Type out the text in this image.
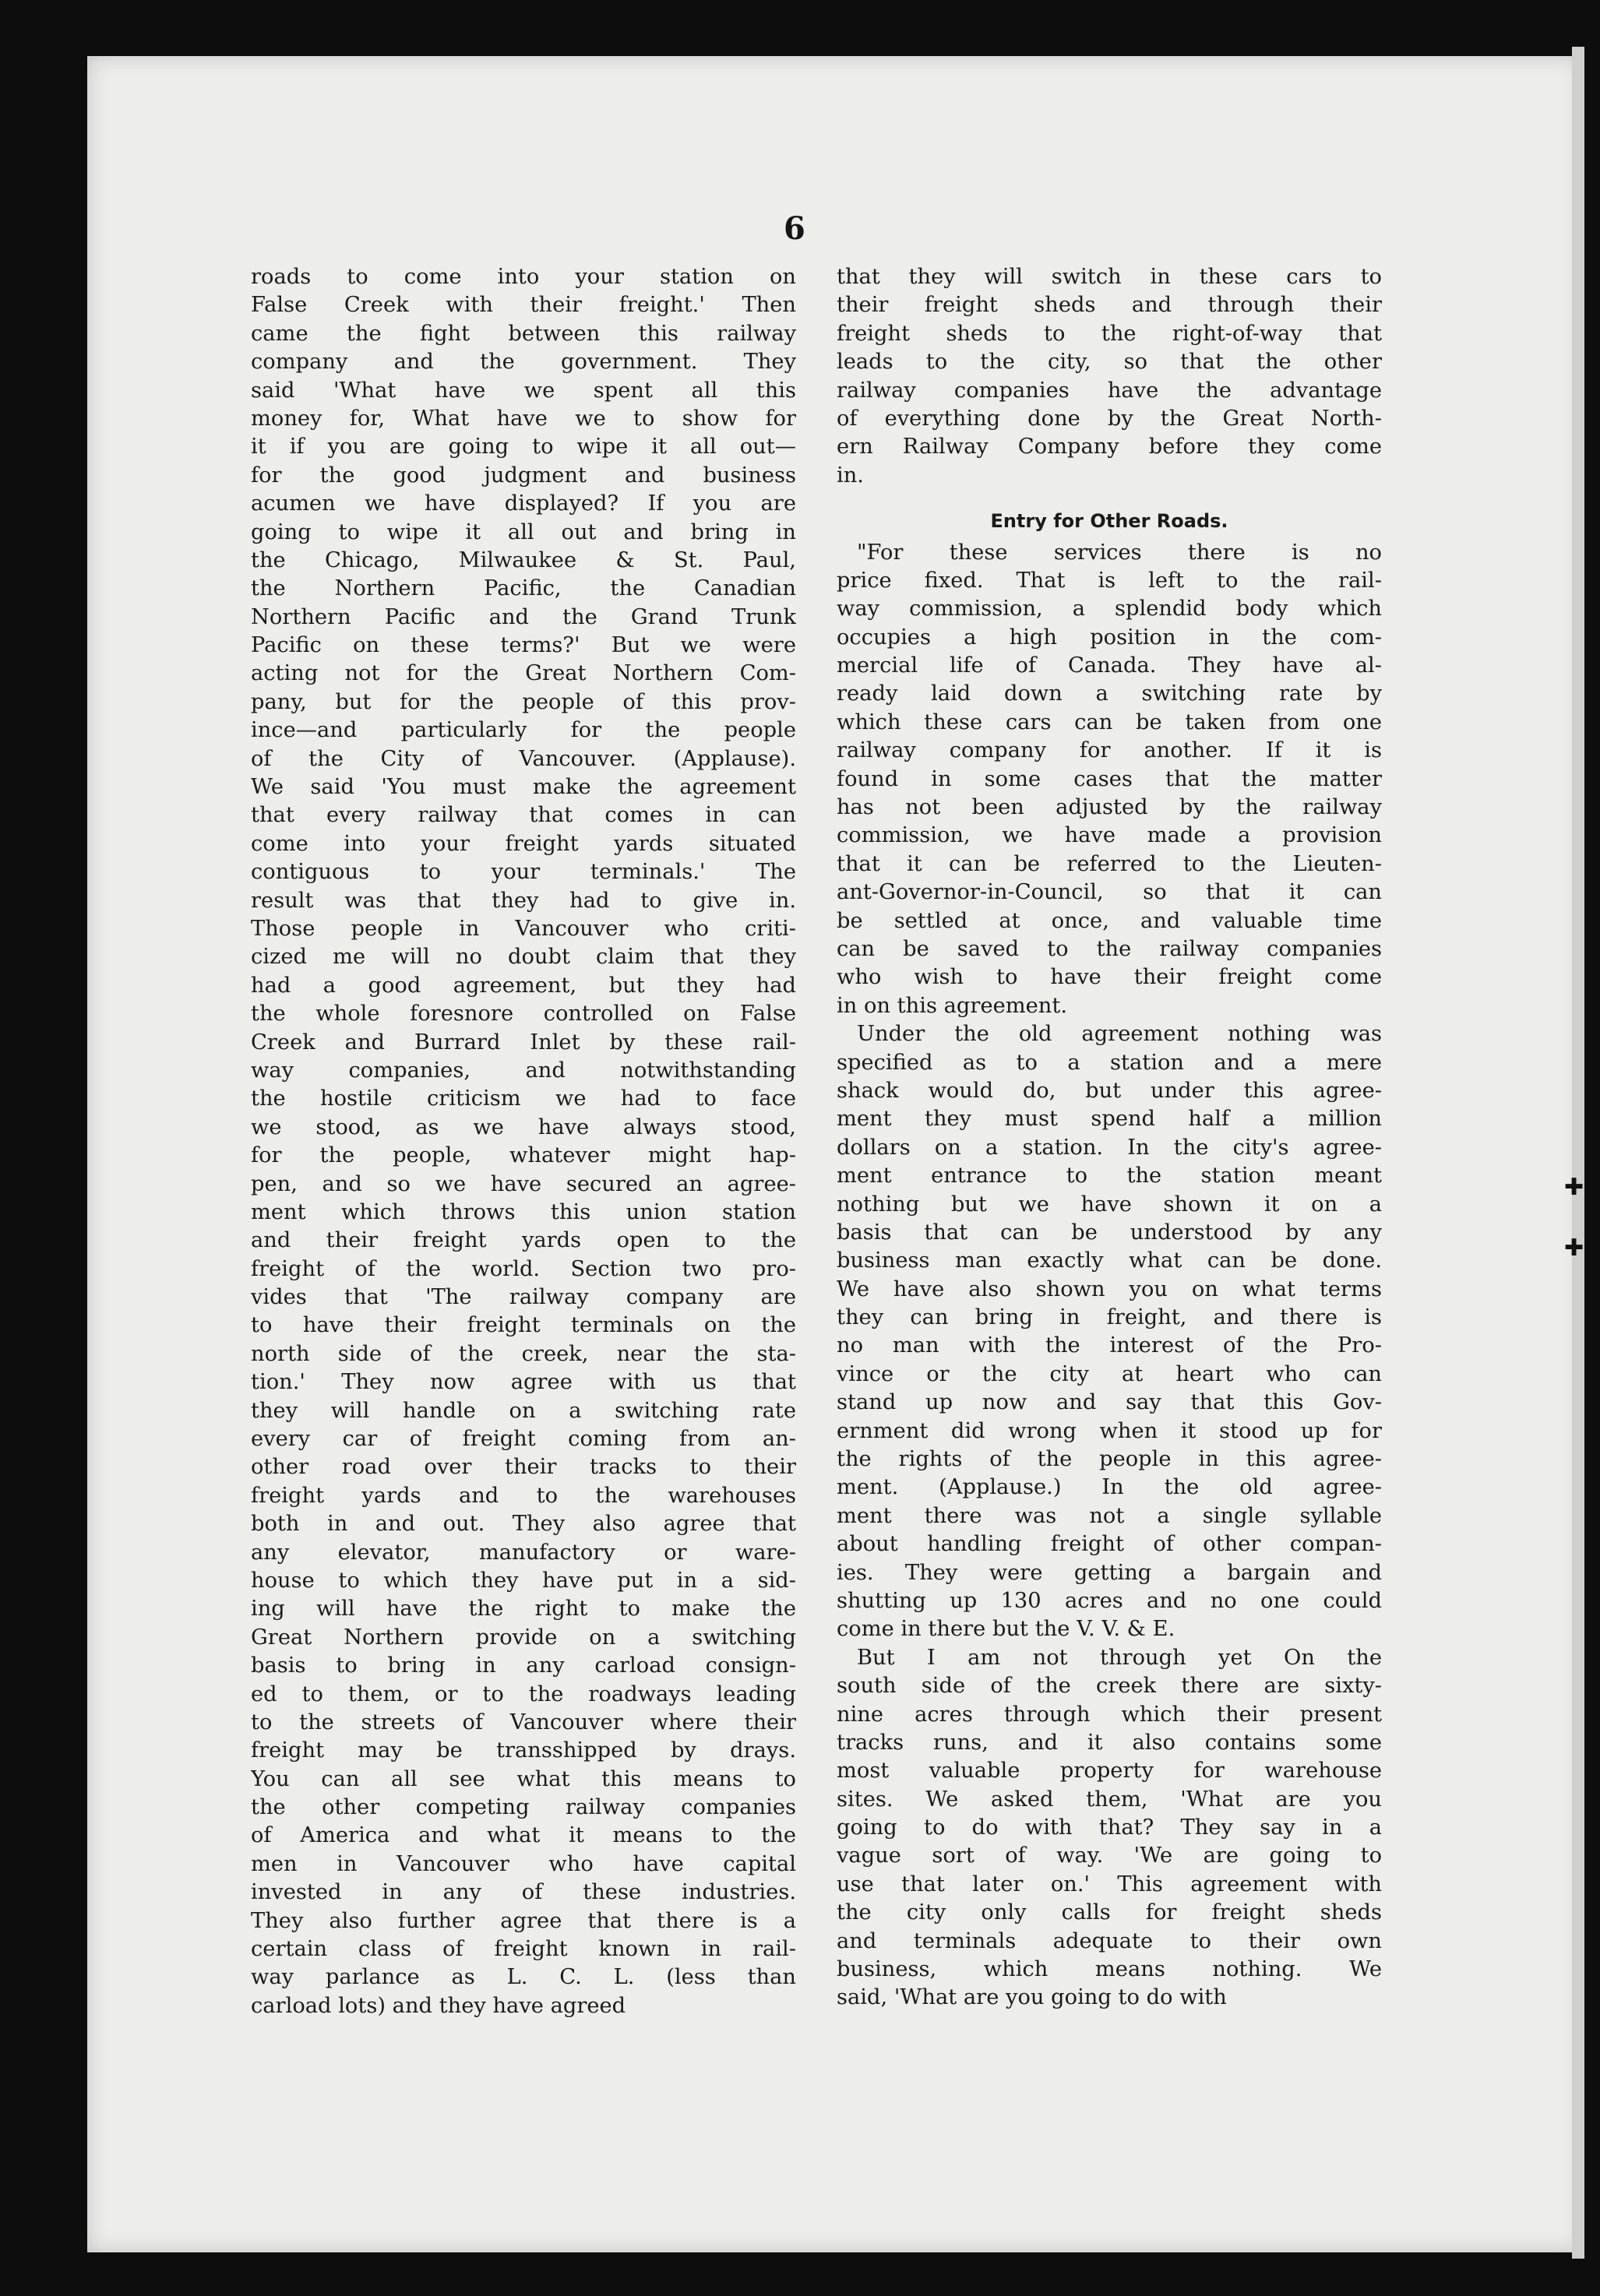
✚
✚
6
roads to come into your station on
False Creek with their freight.' Then
came the fight between this railway
company and the government. They
said 'What have we spent all this
money for, What have we to show for
it if you are going to wipe it all out—
for the good judgment and business
acumen we have displayed? If you are
going to wipe it all out and bring in
the Chicago, Milwaukee & St. Paul,
the Northern Pacific, the Canadian
Northern Pacific and the Grand Trunk
Pacific on these terms?' But we were
acting not for the Great Northern Com-
pany, but for the people of this prov-
ince—and particularly for the people
of the City of Vancouver. (Applause).
We said 'You must make the agreement
that every railway that comes in can
come into your freight yards situated
contiguous to your terminals.' The
result was that they had to give in.
Those people in Vancouver who criti-
cized me will no doubt claim that they
had a good agreement, but they had
the whole foresnore controlled on False
Creek and Burrard Inlet by these rail-
way companies, and notwithstanding
the hostile criticism we had to face
we stood, as we have always stood,
for the people, whatever might hap-
pen, and so we have secured an agree-
ment which throws this union station
and their freight yards open to the
freight of the world. Section two pro-
vides that 'The railway company are
to have their freight terminals on the
north side of the creek, near the sta-
tion.' They now agree with us that
they will handle on a switching rate
every car of freight coming from an-
other road over their tracks to their
freight yards and to the warehouses
both in and out. They also agree that
any elevator, manufactory or ware-
house to which they have put in a sid-
ing will have the right to make the
Great Northern provide on a switching
basis to bring in any carload consign-
ed to them, or to the roadways leading
to the streets of Vancouver where their
freight may be transshipped by drays.
You can all see what this means to
the other competing railway companies
of America and what it means to the
men in Vancouver who have capital
invested in any of these industries.
They also further agree that there is a
certain class of freight known in rail-
way parlance as L. C. L. (less than
carload lots) and they have agreed
that they will switch in these cars to
their freight sheds and through their
freight sheds to the right-of-way that
leads to the city, so that the other
railway companies have the advantage
of everything done by the Great North-
ern Railway Company before they come
in.
Entry for Other Roads.
"For these services there is no
price fixed. That is left to the rail-
way commission, a splendid body which
occupies a high position in the com-
mercial life of Canada. They have al-
ready laid down a switching rate by
which these cars can be taken from one
railway company for another. If it is
found in some cases that the matter
has not been adjusted by the railway
commission, we have made a provision
that it can be referred to the Lieuten-
ant-Governor-in-Council, so that it can
be settled at once, and valuable time
can be saved to the railway companies
who wish to have their freight come
in on this agreement.
Under the old agreement nothing was
specified as to a station and a mere
shack would do, but under this agree-
ment they must spend half a million
dollars on a station. In the city's agree-
ment entrance to the station meant
nothing but we have shown it on a
basis that can be understood by any
business man exactly what can be done.
We have also shown you on what terms
they can bring in freight, and there is
no man with the interest of the Pro-
vince or the city at heart who can
stand up now and say that this Gov-
ernment did wrong when it stood up for
the rights of the people in this agree-
ment. (Applause.) In the old agree-
ment there was not a single syllable
about handling freight of other compan-
ies. They were getting a bargain and
shutting up 130 acres and no one could
come in there but the V. V. & E.
But I am not through yet On the
south side of the creek there are sixty-
nine acres through which their present
tracks runs, and it also contains some
most valuable property for warehouse
sites. We asked them, 'What are you
going to do with that? They say in a
vague sort of way. 'We are going to
use that later on.' This agreement with
the city only calls for freight sheds
and terminals adequate to their own
business, which means nothing. We
said, 'What are you going to do with
